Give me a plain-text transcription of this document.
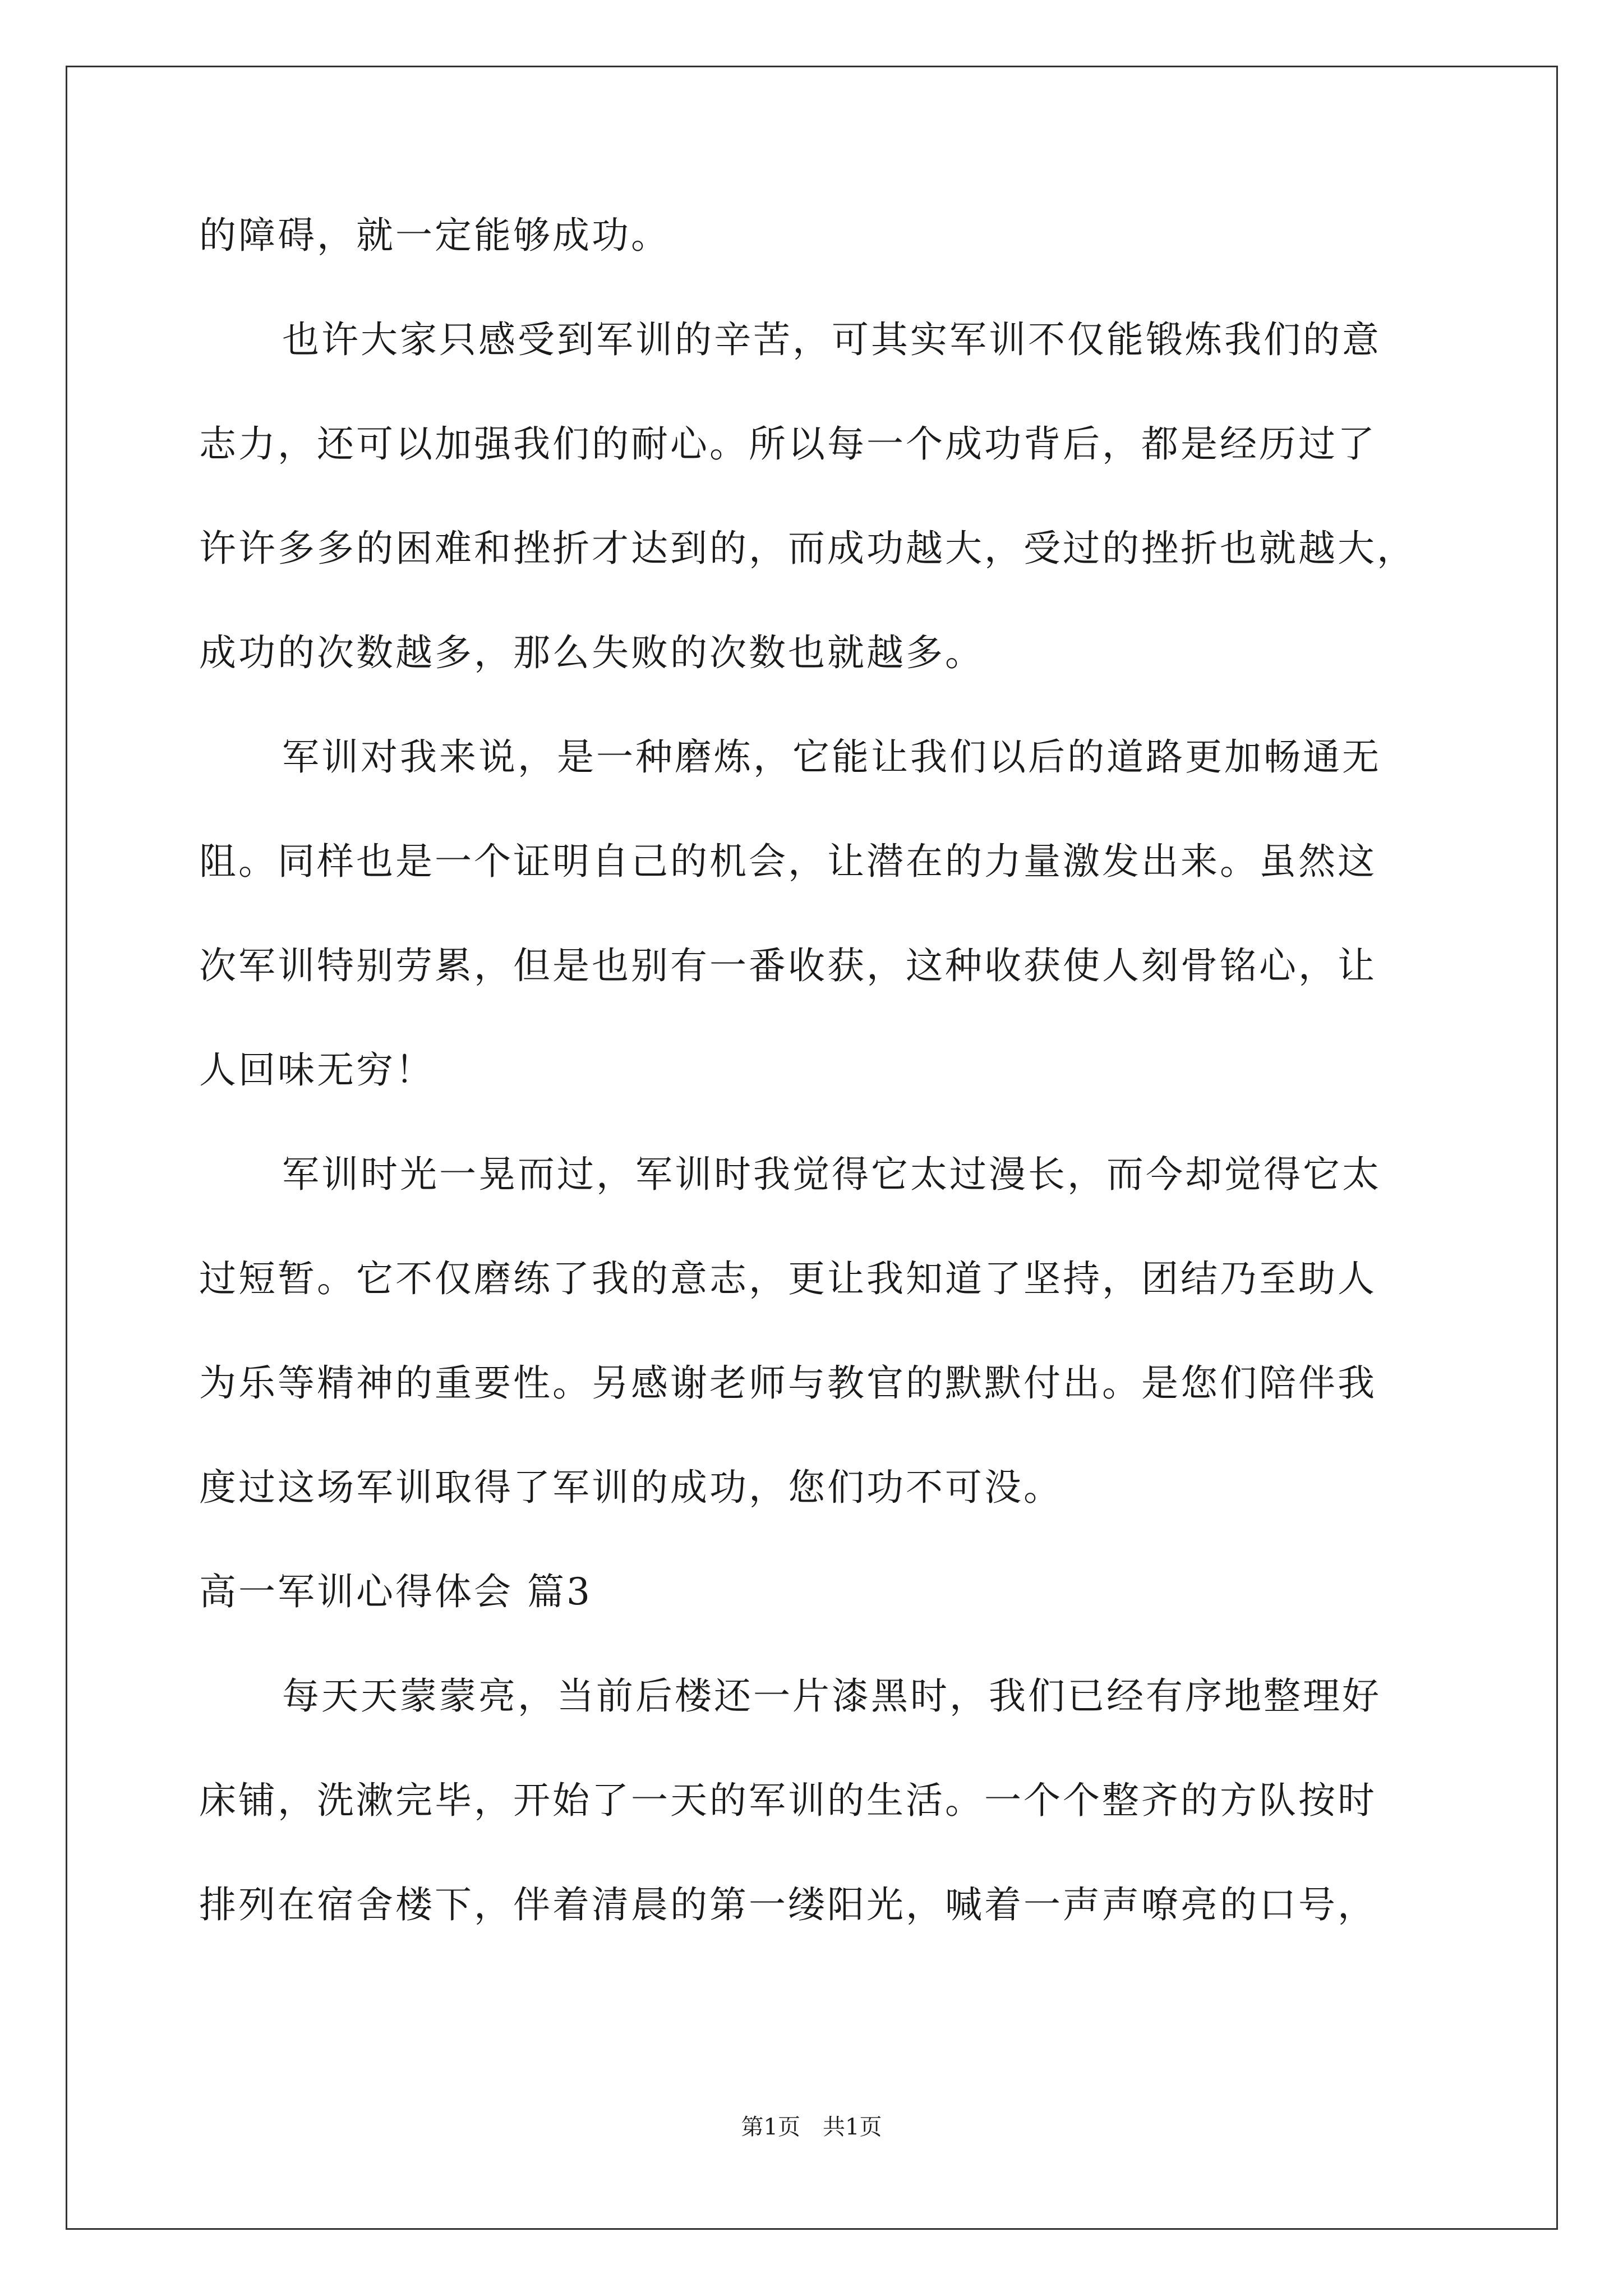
的障碍，就一定能够成功。
也许大家只感受到军训的辛苦，可其实军训不仅能锻炼我们的意
志力，还可以加强我们的耐心。所以每一个成功背后，都是经历过了
许许多多的困难和挫折才达到的，而成功越大，受过的挫折也就越大，
成功的次数越多，那么失败的次数也就越多。
军训对我来说，是一种磨炼，它能让我们以后的道路更加畅通无
阻。同样也是一个证明自己的机会，让潜在的力量激发出来。虽然这
次军训特别劳累，但是也别有一番收获，这种收获使人刻骨铭心，让
人回味无穷！
军训时光一晃而过，军训时我觉得它太过漫长，而今却觉得它太
过短暂。它不仅磨练了我的意志，更让我知道了坚持，团结乃至助人
为乐等精神的重要性。另感谢老师与教官的默默付出。是您们陪伴我
度过这场军训取得了军训的成功，您们功不可没。
高一军训心得体会 篇3
每天天蒙蒙亮，当前后楼还一片漆黑时，我们已经有序地整理好
床铺，洗漱完毕，开始了一天的军训的生活。一个个整齐的方队按时
排列在宿舍楼下，伴着清晨的第一缕阳光，喊着一声声嘹亮的口号，
第1页　共1页
